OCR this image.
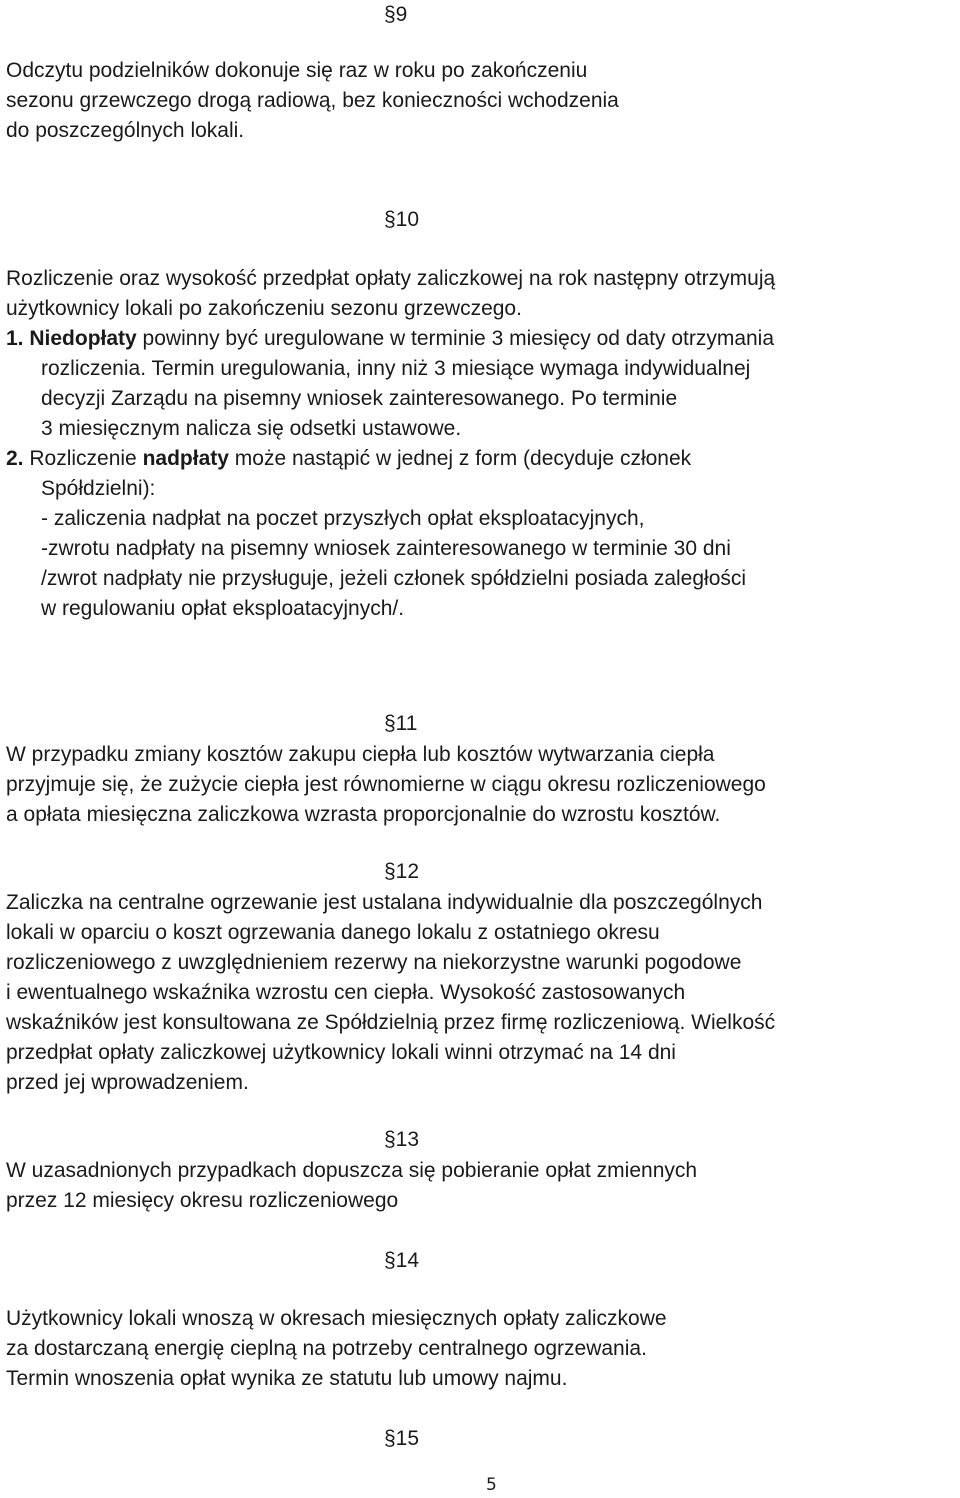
§9
Odczytu podzielników dokonuje się raz w roku po zakończeniu
sezonu grzewczego drogą radiową, bez konieczności wchodzenia
do poszczególnych lokali.
§10
Rozliczenie oraz wysokość przedpłat opłaty zaliczkowej na rok następny otrzymują
użytkownicy lokali po zakończeniu sezonu grzewczego.
1. Niedopłaty powinny być uregulowane w terminie 3 miesięcy od daty otrzymania
rozliczenia. Termin uregulowania, inny niż 3 miesiące wymaga indywidualnej
decyzji Zarządu na pisemny wniosek zainteresowanego. Po terminie
3 miesięcznym nalicza się odsetki ustawowe.
2. Rozliczenie nadpłaty może nastąpić w jednej z form (decyduje członek
Spółdzielni):
- zaliczenia nadpłat na poczet przyszłych opłat eksploatacyjnych,
-zwrotu nadpłaty na pisemny wniosek zainteresowanego w terminie 30 dni
/zwrot nadpłaty nie przysługuje, jeżeli członek spółdzielni posiada zaległości
w regulowaniu opłat eksploatacyjnych/.
§11
W przypadku zmiany kosztów zakupu ciepła lub kosztów wytwarzania ciepła
przyjmuje się, że zużycie ciepła jest równomierne w ciągu okresu rozliczeniowego
a opłata miesięczna zaliczkowa wzrasta proporcjonalnie do wzrostu kosztów.
§12
Zaliczka na centralne ogrzewanie jest ustalana indywidualnie dla poszczególnych
lokali w oparciu o koszt ogrzewania danego lokalu z ostatniego okresu
rozliczeniowego z uwzględnieniem rezerwy na niekorzystne warunki pogodowe
i ewentualnego wskaźnika wzrostu cen ciepła. Wysokość zastosowanych
wskaźników jest konsultowana ze Spółdzielnią przez firmę rozliczeniową. Wielkość
przedpłat opłaty zaliczkowej użytkownicy lokali winni otrzymać na 14 dni
przed jej wprowadzeniem.
§13
W uzasadnionych przypadkach dopuszcza się pobieranie opłat zmiennych
przez 12 miesięcy okresu rozliczeniowego
§14
Użytkownicy lokali wnoszą w okresach miesięcznych opłaty zaliczkowe
za dostarczaną energię cieplną na potrzeby centralnego ogrzewania.
Termin wnoszenia opłat wynika ze statutu lub umowy najmu.
§15
5
